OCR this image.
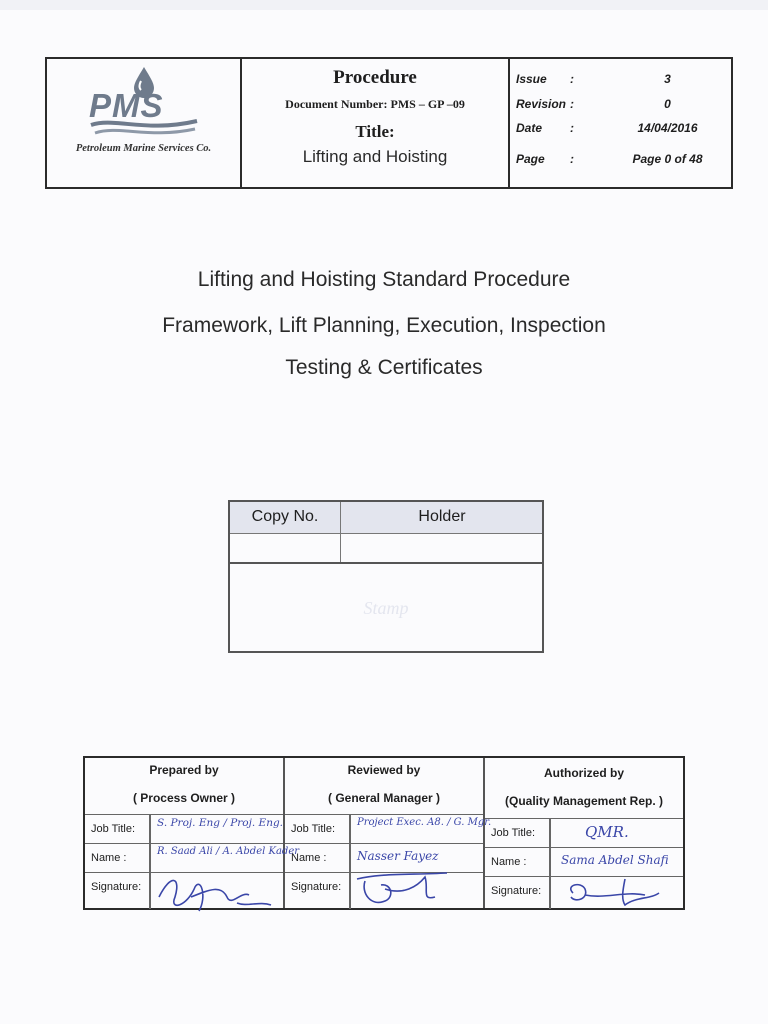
PMS
Petroleum Marine Services Co.
Procedure
Document Number: PMS – GP –09
Title:
Lifting and Hoisting
Issue :	3
Revision :	0
Date :	14/04/2016
Page :	Page 0 of 48
Lifting and Hoisting Standard Procedure
Framework, Lift Planning, Execution, Inspection
Testing & Certificates
Copy No.	Holder
Stamp
Prepared by
( Process Owner )
Job Title: S. Proj. Eng / Proj. Eng.
Name :
R. Saad Ali / A. Abdel Kader
Signature:
Reviewed by
( General Manager )
Job Title:
Project Exec. A8. / G. Mgr.
Name :	Nasser Fayez
Signature:
Authorized by
(Quality Management Rep. )
Job Title:	QMR.
Name :	Sama Abdel Shafi
Signature:
